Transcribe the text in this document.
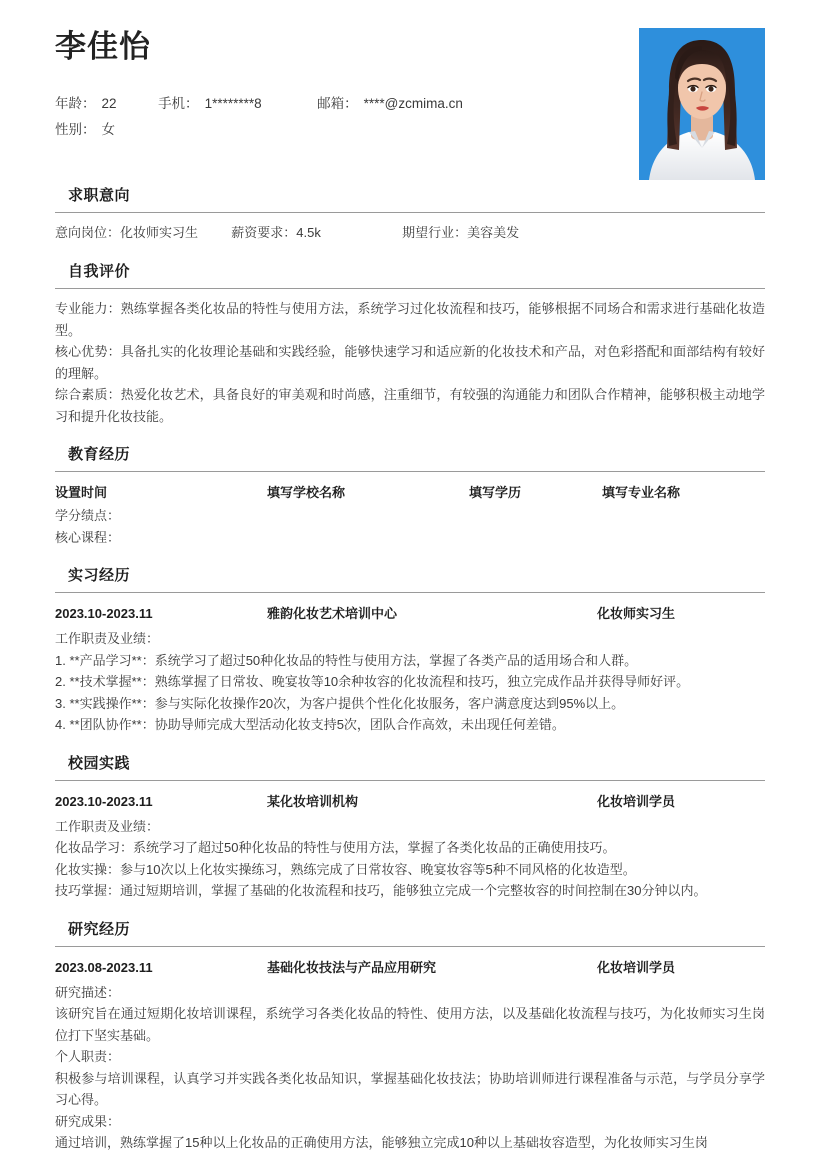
李佳怡
年龄： 22	手机： 1********8	邮箱： ****@zcmima.cn
性别： 女
求职意向
意向岗位：化妆师实习生	薪资要求：4.5k	期望行业：美容美发
自我评价

专业能力：熟练掌握各类化妆品的特性与使用方法，系统学习过化妆流程和技巧，能够根据不同场合和需求进行基础化妆造型。

核心优势：具备扎实的化妆理论基础和实践经验，能够快速学习和适应新的化妆技术和产品，对色彩搭配和面部结构有较好的理解。

综合素质：热爱化妆艺术，具备良好的审美观和时尚感，注重细节，有较强的沟通能力和团队合作精神，能够积极主动地学习和提升化妆技能。

教育经历
设置时间	填写学校名称	填写学历	填写专业名称
学分绩点：
核心课程：
实习经历
2023.10-2023.11	雅韵化妆艺术培训中心	化妆师实习生
工作职责及业绩：
1. **产品学习**：系统学习了超过50种化妆品的特性与使用方法，掌握了各类产品的适用场合和人群。
2. **技术掌握**：熟练掌握了日常妆、晚宴妆等10余种妆容的化妆流程和技巧，独立完成作品并获得导师好评。
3. **实践操作**：参与实际化妆操作20次，为客户提供个性化化妆服务，客户满意度达到95%以上。
4. **团队协作**：协助导师完成大型活动化妆支持5次，团队合作高效，未出现任何差错。
校园实践
2023.10-2023.11	某化妆培训机构	化妆培训学员
工作职责及业绩：
化妆品学习：系统学习了超过50种化妆品的特性与使用方法，掌握了各类化妆品的正确使用技巧。
化妆实操：参与10次以上化妆实操练习，熟练完成了日常妆容、晚宴妆容等5种不同风格的化妆造型。
技巧掌握：通过短期培训，掌握了基础的化妆流程和技巧，能够独立完成一个完整妆容的时间控制在30分钟以内。
研究经历
2023.08-2023.11	基础化妆技法与产品应用研究	化妆培训学员
研究描述：
该研究旨在通过短期化妆培训课程，系统学习各类化妆品的特性、使用方法，以及基础化妆流程与技巧，为化妆师实习生岗位打下坚实基础。
个人职责：
积极参与培训课程，认真学习并实践各类化妆品知识，掌握基础化妆技法；协助培训师进行课程准备与示范，与学员分享学习心得。
研究成果：
通过培训，熟练掌握了15种以上化妆品的正确使用方法，能够独立完成10种以上基础妆容造型，为化妆师实习生岗
